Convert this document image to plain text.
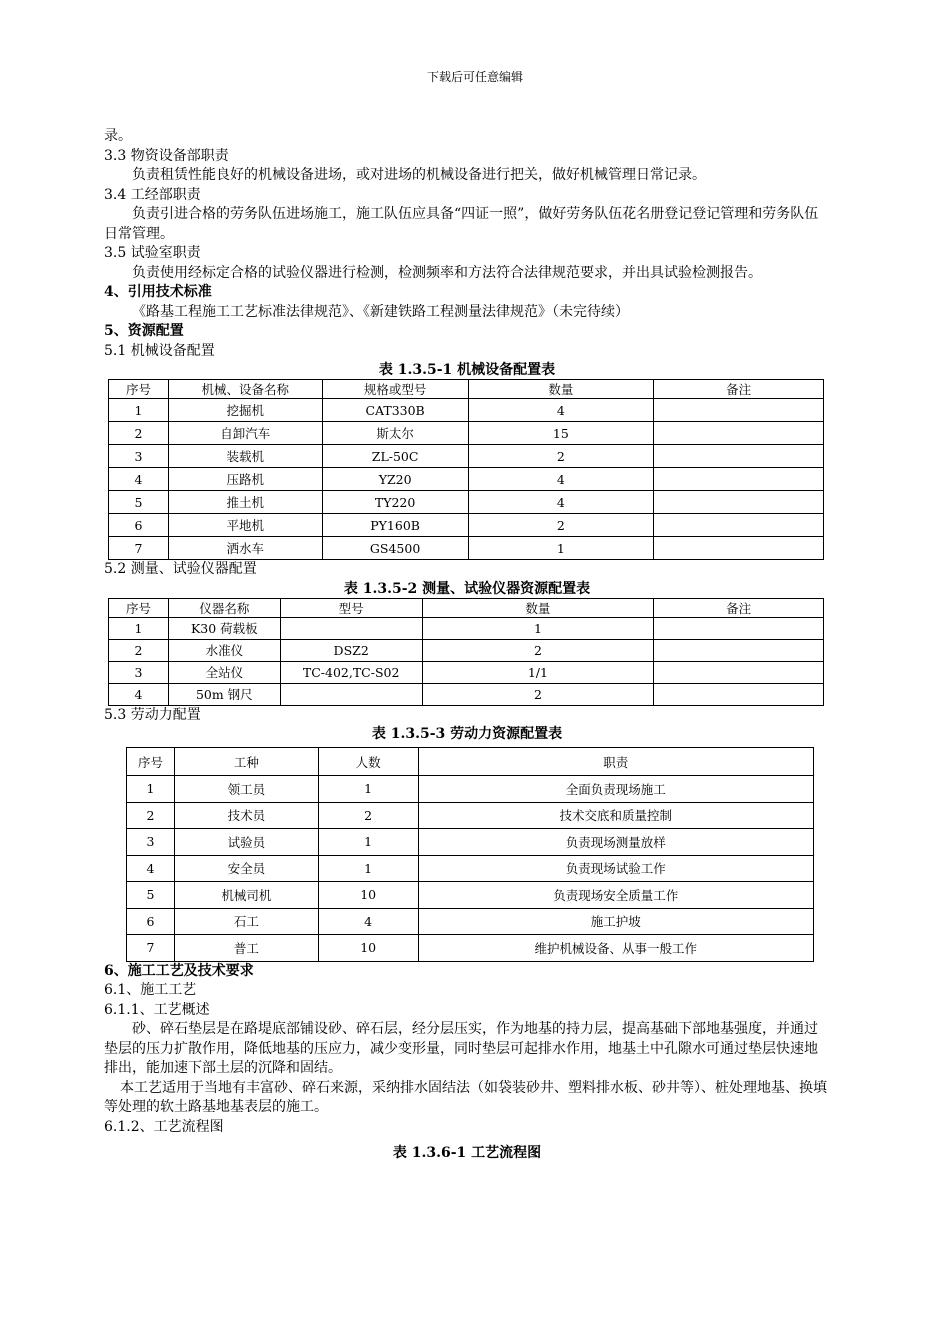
下载后可任意编辑
录。
3.3 物资设备部职责
负责租赁性能良好的机械设备进场，或对进场的机械设备进行把关，做好机械管理日常记录。
3.4 工经部职责
负责引进合格的劳务队伍进场施工，施工队伍应具备“四证一照”，做好劳务队伍花名册登记登记管理和劳务队伍日常管理。
3.5 试验室职责
负责使用经标定合格的试验仪器进行检测，检测频率和方法符合法律规范要求，并出具试验检测报告。
4、引用技术标准
《路基工程施工工艺标准法律规范》、《新建铁路工程测量法律规范》（未完待续）
5、资源配置
5.1 机械设备配置
表 1.3.5-1 机械设备配置表
序号	机械、设备名称	规格或型号	数量	备注
1	挖掘机	CAT330B	4	
2	自卸汽车	斯太尔	15	
3	装载机	ZL-50C	2	
4	压路机	YZ20	4	
5	推土机	TY220	4	
6	平地机	PY160B	2	
7	洒水车	GS4500	1	
5.2 测量、试验仪器配置
表 1.3.5-2 测量、试验仪器资源配置表
序号	仪器名称	型号	数量	备注
1	K30 荷载板		1	
2	水准仪	DSZ2	2	
3	全站仪	TC-402,TC-S02	1/1	
4	50m 钢尺		2	
5.3 劳动力配置
表 1.3.5-3 劳动力资源配置表
序号	工种	人数	职责
1	领工员	1	全面负责现场施工
2	技术员	2	技术交底和质量控制
3	试验员	1	负责现场测量放样
4	安全员	1	负责现场试验工作
5	机械司机	10	负责现场安全质量工作
6	石工	4	施工护坡
7	普工	10	维护机械设备、从事一般工作
6、施工工艺及技术要求
6.1、施工工艺
6.1.1、工艺概述
砂、碎石垫层是在路堤底部铺设砂、碎石层，经分层压实，作为地基的持力层，提高基础下部地基强度，并通过垫层的压力扩散作用，降低地基的压应力，减少变形量，同时垫层可起排水作用，地基土中孔隙水可通过垫层快速地排出，能加速下部土层的沉降和固结。
本工艺适用于当地有丰富砂、碎石来源，采纳排水固结法（如袋装砂井、塑料排水板、砂井等）、桩处理地基、换填等处理的软土路基地基表层的施工。
6.1.2、工艺流程图
表 1.3.6-1 工艺流程图
